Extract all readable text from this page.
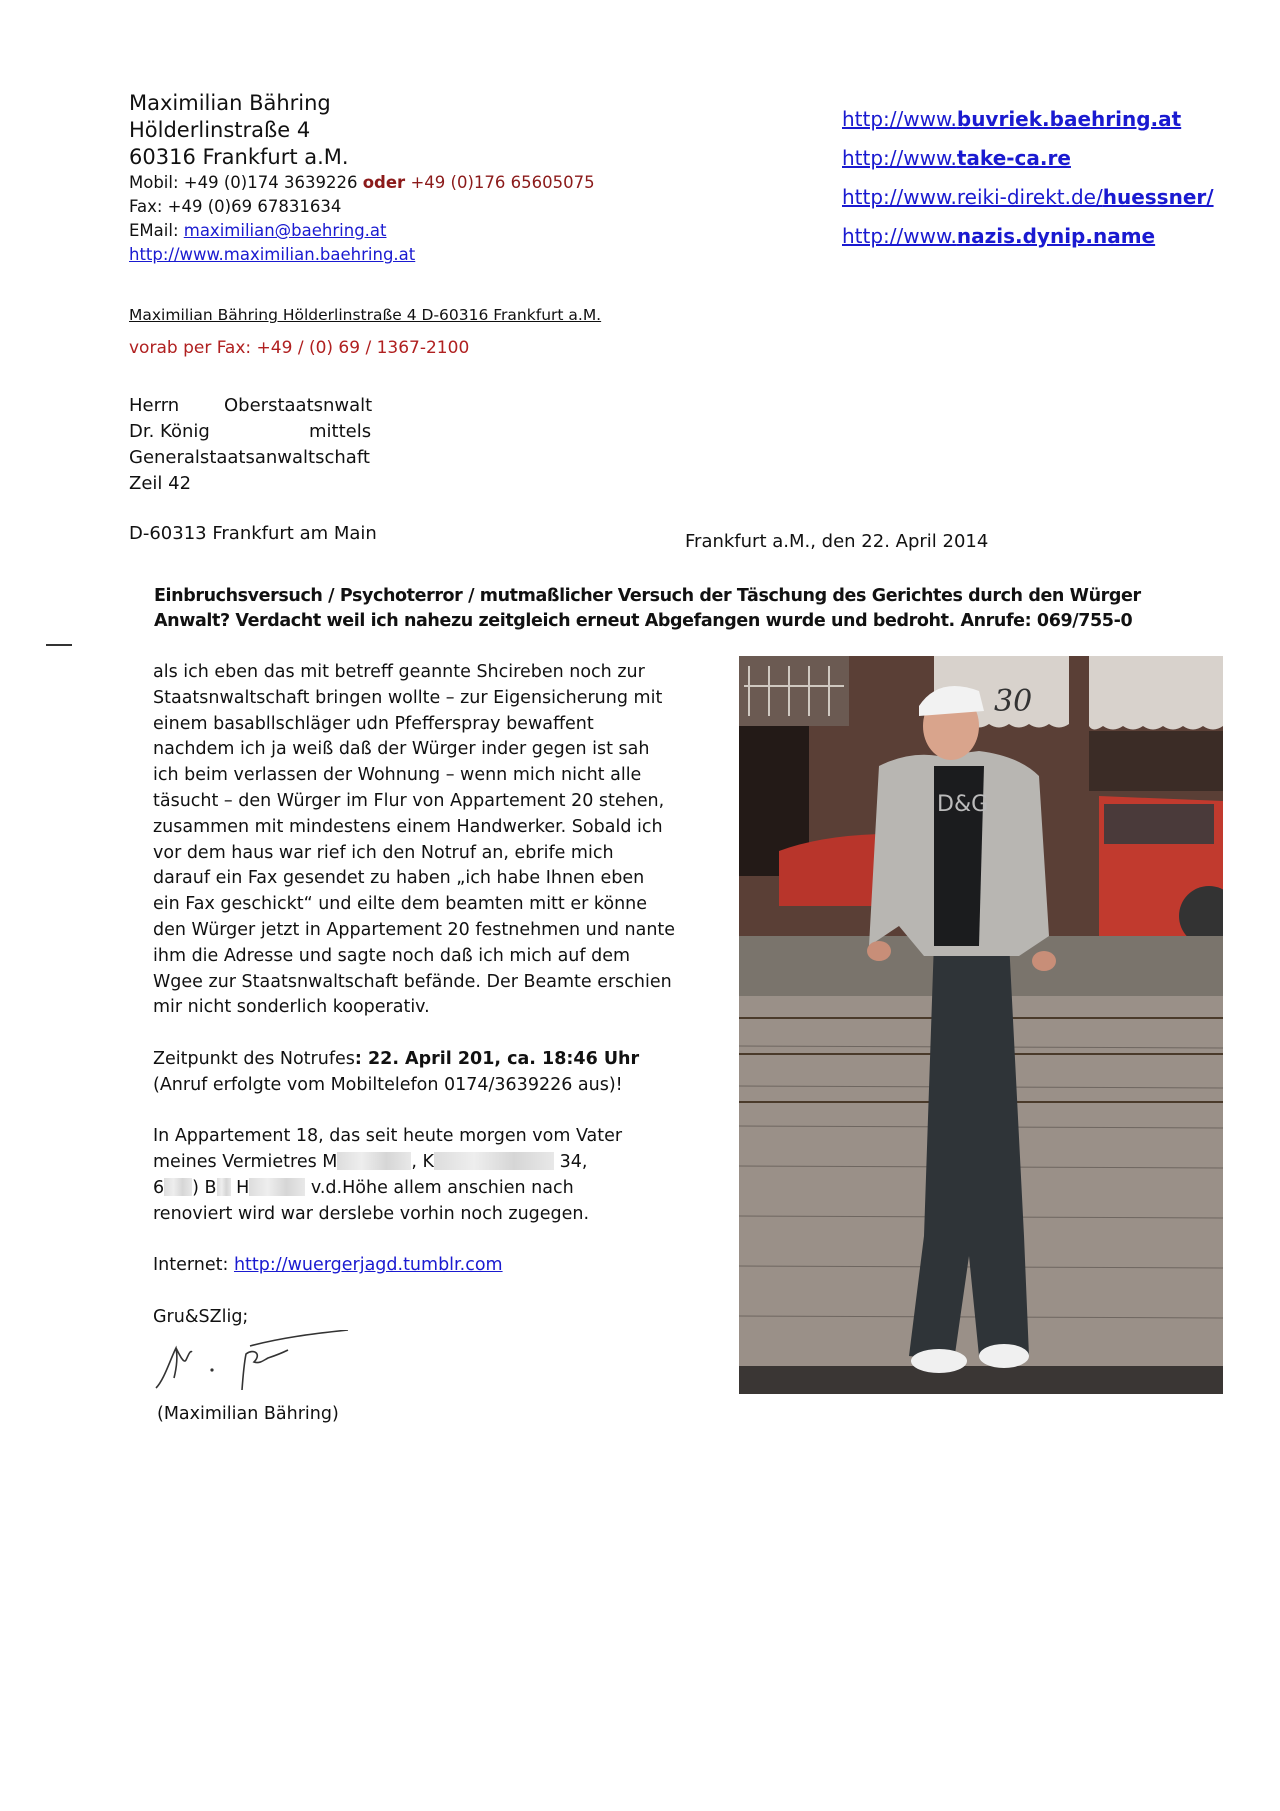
Maximilian Bähring
Hölderlinstraße 4
60316 Frankfurt a.M.
Mobil: +49 (0)174 3639226 oder +49 (0)176 65605075
Fax: +49 (0)69 67831634
EMail: maximilian@baehring.at
http://www.maximilian.baehring.at
http://www.buvriek.baehring.at
http://www.take-ca.re
http://www.reiki-direkt.de/huessner/
http://www.nazis.dynip.name
Maximilian Bähring Hölderlinstraße 4 D-60316 Frankfurt a.M.
vorab per Fax: +49 / (0) 69 / 1367-2100
Herrn	Oberstaatsnwalt
Dr. König	mittels
Generalstaatsanwaltschaft
Zeil 42
D-60313 Frankfurt am Main	Frankfurt a.M., den 22. April 2014
Einbruchsversuch / Psychoterror / mutmaßlicher Versuch der Täschung des Gerichtes durch den Würger
Anwalt? Verdacht weil ich nahezu zeitgleich erneut Abgefangen wurde und bedroht. Anrufe: 069/755-0

als ich eben das mit betreff geannte Shcireben noch zur
Staatsnwaltschaft bringen wollte – zur Eigensicherung mit
einem basabllschläger udn Pfefferspray bewaffent
nachdem ich ja weiß daß der Würger inder gegen ist sah
ich beim verlassen der Wohnung – wenn mich nicht alle
täsucht – den Würger im Flur von Appartement 20 stehen,
zusammen mit mindestens einem Handwerker. Sobald ich
vor dem haus war rief ich den Notruf an, ebrife mich
darauf ein Fax gesendet zu haben „ich habe Ihnen eben
ein Fax geschickt“ und eilte dem beamten mitt er könne
den Würger jetzt in Appartement 20 festnehmen und nante
ihm die Adresse und sagte noch daß ich mich auf dem
Wgee zur Staatsnwaltschaft befände. Der Beamte erschien
mir nicht sonderlich kooperativ.

Zeitpunkt des Notrufes: 22. April 201, ca. 18:46 Uhr
(Anruf erfolgte vom Mobiltelefon 0174/3639226 aus)!

In Appartement 18, das seit heute morgen vom Vater
meines Vermietres M	, K	34,
6 ) B H	v.d.Höhe allem anschien nach
renoviert wird war derslebe vorhin noch zugegen.

Internet: http://wuergerjagd.tumblr.com

Gru&SZlig;

(Maximilian Bähring)
30
D&G
